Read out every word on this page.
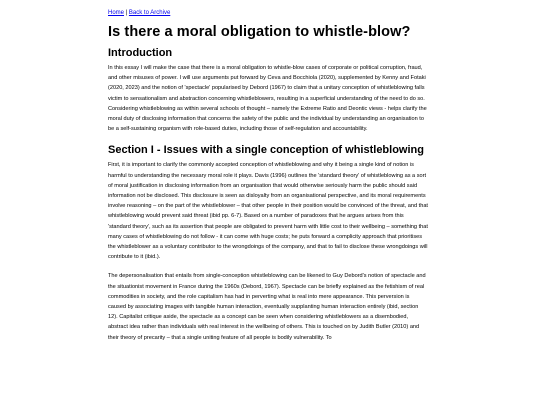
Home | Back to Archive
Is there a moral obligation to whistle-blow?
Introduction

In this essay I will make the case that there is a moral obligation to whistle-blow cases of corporate or political corruption, fraud, and other misuses of power. I will use arguments put forward by Ceva and Bocchiola (2020), supplemented by Kenny and Fotaki (2020, 2023) and the notion of 'spectacle' popularised by Debord (1967) to claim that a unitary conception of whistleblowing falls victim to sensationalism and abstraction concerning whistleblowers, resulting in a superficial understanding of the need to do so. Considering whistleblowing as within several schools of thought – namely the Extreme Ratio and Deontic views - helps clarify the moral duty of disclosing information that concerns the safety of the public and the individual by understanding an organisation to be a self-sustaining organism with role-based duties, including those of self-regulation and accountability.

Section I - Issues with a single conception of whistleblowing

First, it is important to clarify the commonly accepted conception of whistleblowing and why it being a single kind of notion is harmful to understanding the necessary moral role it plays. Davis (1996) outlines the 'standard theory' of whistleblowing as a sort of moral justification in disclosing information from an organisation that would otherwise seriously harm the public should said information not be disclosed. This disclosure is seen as disloyalty from an organisational perspective, and its moral requirements involve reasoning – on the part of the whistleblower – that other people in their position would be convinced of the threat, and that whistleblowing would prevent said threat (ibid pp. 6-7). Based on a number of paradoxes that he argues arises from this 'standard theory', such as its assertion that people are obligated to prevent harm with little cost to their wellbeing – something that many cases of whistleblowing do not follow - it can come with huge costs; he puts forward a complicity approach that prioritises the whistleblower as a voluntary contributor to the wrongdoings of the company, and that to fail to disclose these wrongdoings will contribute to it (ibid.).

The depersonalisation that entails from single-conception whistleblowing can be likened to Guy Debord's notion of spectacle and the situationist movement in France during the 1960s (Debord, 1967). Spectacle can be briefly explained as the fetishism of real commodities in society, and the role capitalism has had in perverting what is real into mere appearance. This perversion is caused by associating images with tangible human interaction, eventually supplanting human interaction entirely (ibid, section 12). Capitalist critique aside, the spectacle as a concept can be seen when considering whistleblowers as a disembodied, abstract idea rather than individuals with real interest in the wellbeing of others. This is touched on by Judith Butler (2010) and their theory of precarity – that a single uniting feature of all people is bodily vulnerability. To
